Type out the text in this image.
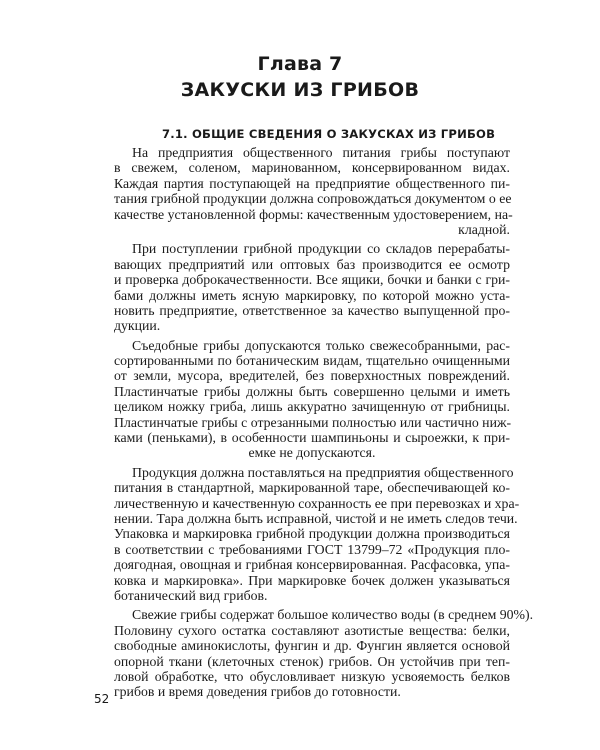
Глава 7
ЗАКУСКИ ИЗ ГРИБОВ
7.1. ОБЩИЕ СВЕДЕНИЯ О ЗАКУСКАХ ИЗ ГРИБОВ
На предприятия общественного питания грибы поступают
в свежем, соленом, маринованном, консервированном видах.
Каждая партия поступающей на предприятие общественного пи-
тания грибной продукции должна сопровождаться документом о ее
качестве установленной формы: качественным удостоверением, на-
кладной.
При поступлении грибной продукции со складов перерабаты-
вающих предприятий или оптовых баз производится ее осмотр
и проверка доброкачественности. Все ящики, бочки и банки с гри-
бами должны иметь ясную маркировку, по которой можно уста-
новить предприятие, ответственное за качество выпущенной про-
дукции.
Съедобные грибы допускаются только свежесобранными, рас-
сортированными по ботаническим видам, тщательно очищенными
от земли, мусора, вредителей, без поверхностных повреждений.
Пластинчатые грибы должны быть совершенно целыми и иметь
целиком ножку гриба, лишь аккуратно зачищенную от грибницы.
Пластинчатые грибы с отрезанными полностью или частично ниж-
ками (пеньками), в особенности шампиньоны и сыроежки, к при-
емке не допускаются.
Продукция должна поставляться на предприятия общественного
питания в стандартной, маркированной таре, обеспечивающей ко-
личественную и качественную сохранность ее при перевозках и хра-
нении. Тара должна быть исправной, чистой и не иметь следов течи.
Упаковка и маркировка грибной продукции должна производиться
в соответствии с требованиями ГОСТ 13799–72 «Продукция пло-
доягодная, овощная и грибная консервированная. Расфасовка, упа-
ковка и маркировка». При маркировке бочек должен указываться
ботанический вид грибов.
Свежие грибы содержат большое количество воды (в среднем 90%).
Половину сухого остатка составляют азотистые вещества: белки,
свободные аминокислоты, фунгин и др. Фунгин является основой
опорной ткани (клеточных стенок) грибов. Он устойчив при теп-
ловой обработке, что обусловливает низкую усвояемость белков
грибов и время доведения грибов до готовности.
52
